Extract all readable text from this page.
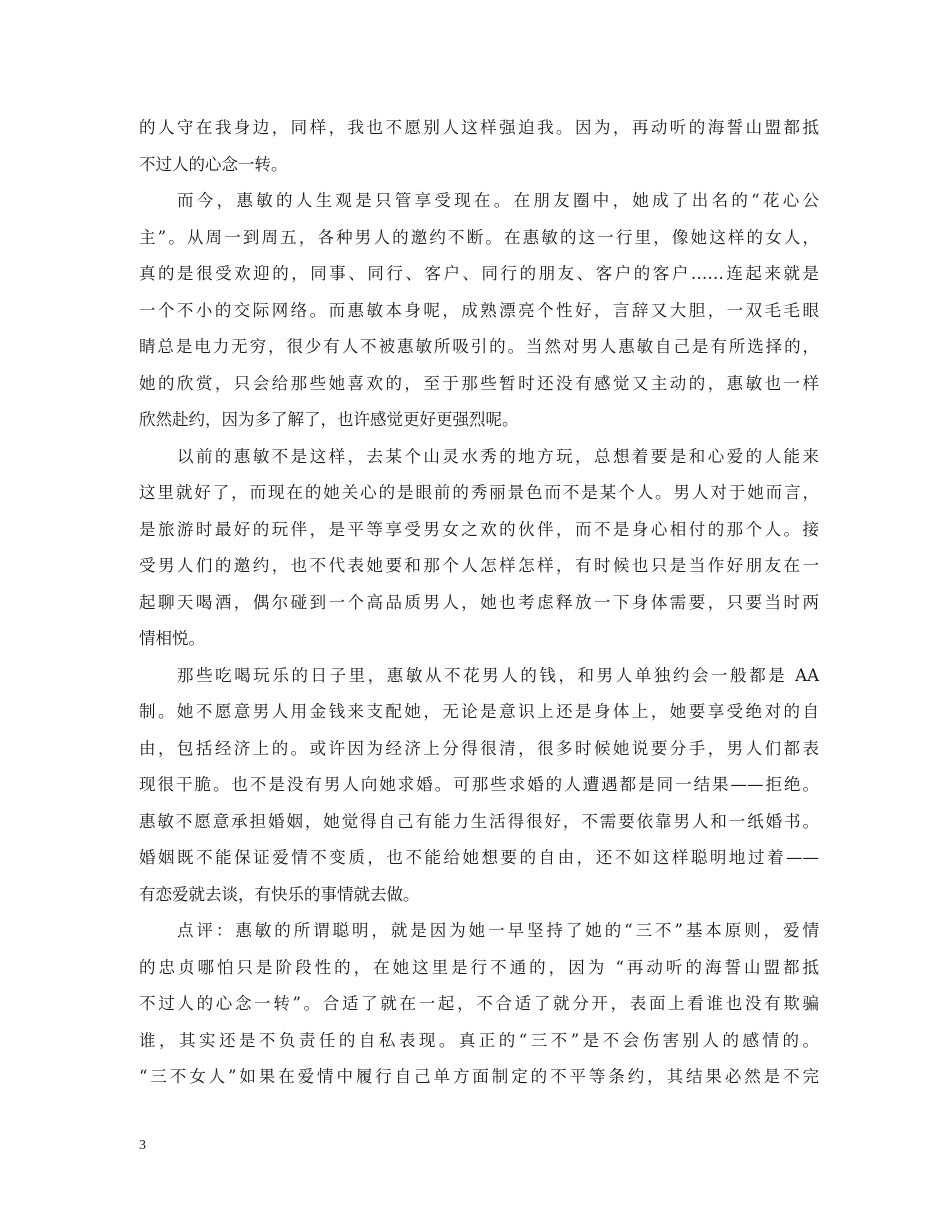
的人守在我身边，同样，我也不愿别人这样强迫我。因为，再动听的海誓山盟都抵
不过人的心念一转。
而今，惠敏的人生观是只管享受现在。在朋友圈中，她成了出名的“花心公
主”。从周一到周五，各种男人的邀约不断。在惠敏的这一行里，像她这样的女人，
真的是很受欢迎的，同事、同行、客户、同行的朋友、客户的客户……连起来就是
一个不小的交际网络。而惠敏本身呢，成熟漂亮个性好，言辞又大胆，一双毛毛眼
睛总是电力无穷，很少有人不被惠敏所吸引的。当然对男人惠敏自己是有所选择的，
她的欣赏，只会给那些她喜欢的，至于那些暂时还没有感觉又主动的，惠敏也一样
欣然赴约，因为多了解了，也许感觉更好更强烈呢。
以前的惠敏不是这样，去某个山灵水秀的地方玩，总想着要是和心爱的人能来
这里就好了，而现在的她关心的是眼前的秀丽景色而不是某个人。男人对于她而言，
是旅游时最好的玩伴，是平等享受男女之欢的伙伴，而不是身心相付的那个人。接
受男人们的邀约，也不代表她要和那个人怎样怎样，有时候也只是当作好朋友在一
起聊天喝酒，偶尔碰到一个高品质男人，她也考虑释放一下身体需要，只要当时两
情相悦。
那些吃喝玩乐的日子里，惠敏从不花男人的钱，和男人单独约会一般都是 AA
制。她不愿意男人用金钱来支配她，无论是意识上还是身体上，她要享受绝对的自
由，包括经济上的。或许因为经济上分得很清，很多时候她说要分手，男人们都表
现很干脆。也不是没有男人向她求婚。可那些求婚的人遭遇都是同一结果——拒绝。
惠敏不愿意承担婚姻，她觉得自己有能力生活得很好，不需要依靠男人和一纸婚书。
婚姻既不能保证爱情不变质，也不能给她想要的自由，还不如这样聪明地过着——
有恋爱就去谈，有快乐的事情就去做。
点评：惠敏的所谓聪明，就是因为她一早坚持了她的“三不”基本原则，爱情
的忠贞哪怕只是阶段性的，在她这里是行不通的，因为 “再动听的海誓山盟都抵
不过人的心念一转”。合适了就在一起，不合适了就分开，表面上看谁也没有欺骗
谁，其实还是不负责任的自私表现。真正的“三不”是不会伤害别人的感情的。
“三不女人”如果在爱情中履行自己单方面制定的不平等条约，其结果必然是不完
3
